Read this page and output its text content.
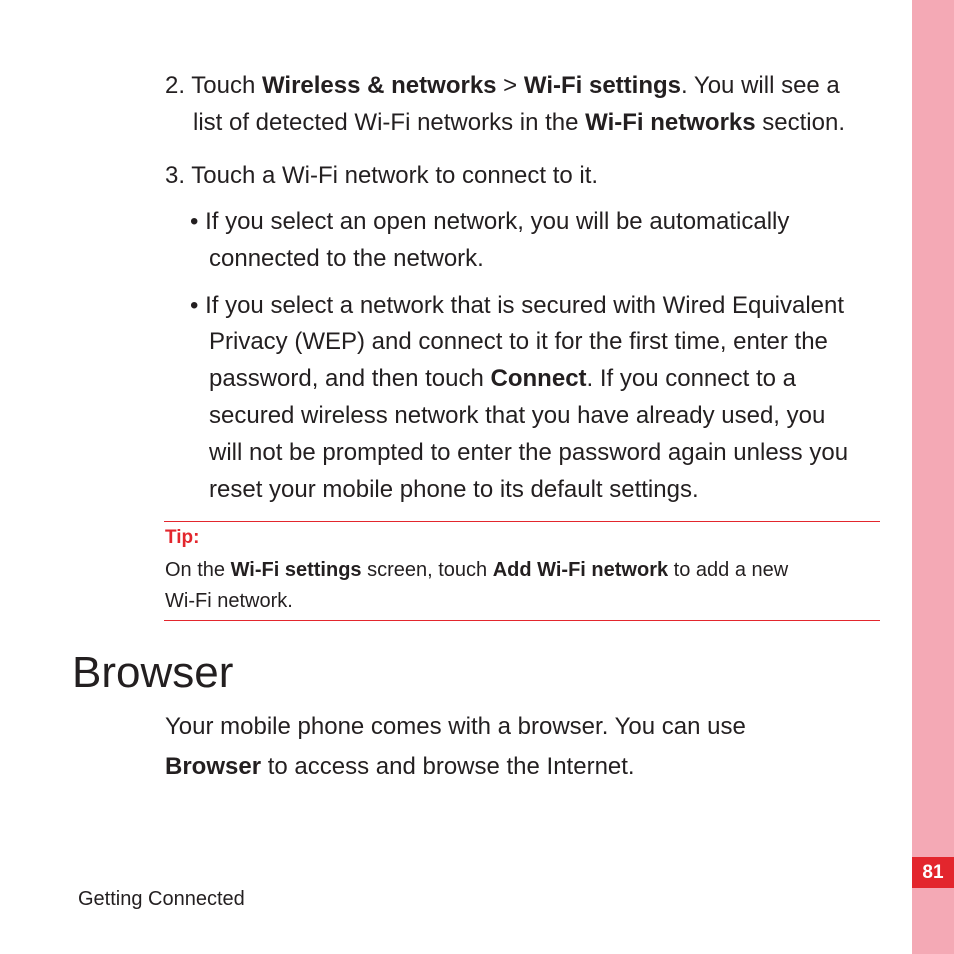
81
2. Touch Wireless & networks > Wi-Fi settings. You will see a
list of detected Wi-Fi networks in the Wi-Fi networks section.
3. Touch a Wi-Fi network to connect to it.
• If you select an open network, you will be automatically
connected to the network.
• If you select a network that is secured with Wired Equivalent
Privacy (WEP) and connect to it for the first time, enter the
password, and then touch Connect. If you connect to a
secured wireless network that you have already used, you
will not be prompted to enter the password again unless you
reset your mobile phone to its default settings.
Tip:
On the Wi-Fi settings screen, touch Add Wi-Fi network to add a new
Wi-Fi network.
Browser
Your mobile phone comes with a browser. You can use
Browser to access and browse the Internet.
Getting Connected
